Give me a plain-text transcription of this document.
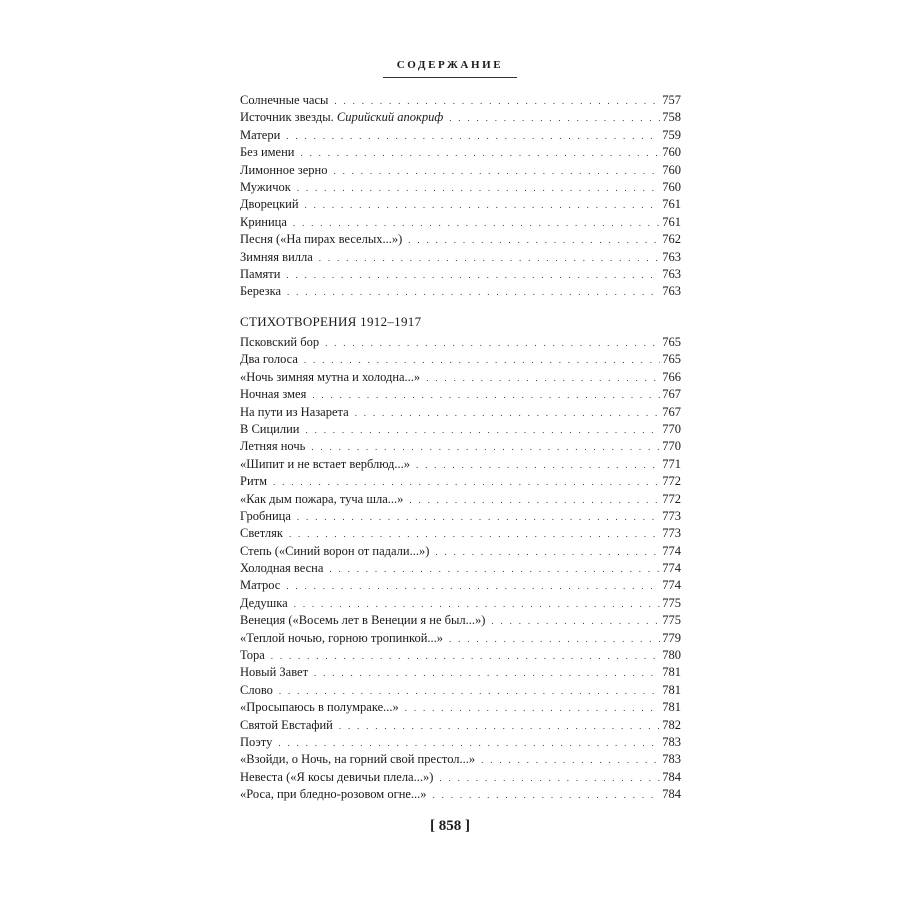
СОДЕРЖАНИЕ
Солнечные часы . . .	757
Источник звезды. Сирийский апокриф . . .	758
Матери . . .	759
Без имени . . .	760
Лимонное зерно . . .	760
Мужичок . . .	760
Дворецкий . . .	761
Криница . . .	761
Песня («На пирах веселых...») . . .	762
Зимняя вилла . . .	763
Памяти . . .	763
Березка . . .	763
СТИХОТВОРЕНИЯ 1912–1917
Псковский бор . . .	765
Два голоса . . .	765
«Ночь зимняя мутна и холодна...» . . .	766
Ночная змея . . .	767
На пути из Назарета . . .	767
В Сицилии . . .	770
Летняя ночь . . .	770
«Шипит и не встает верблюд...» . . .	771
Ритм . . .	772
«Как дым пожара, туча шла...» . . .	772
Гробница . . .	773
Светляк . . .	773
Степь («Синий ворон от падали...») . . .	774
Холодная весна . . .	774
Матрос . . .	774
Дедушка . . .	775
Венеция («Восемь лет в Венеции я не был...») . . .	775
«Теплой ночью, горною тропинкой...» . . .	779
Тора . . .	780
Новый Завет . . .	781
Слово . . .	781
«Просыпаюсь в полумраке...» . . .	781
Святой Евстафий . . .	782
Поэту . . .	783
«Взойди, о Ночь, на горний свой престол...» . . .	783
Невеста («Я косы девичьи плела...») . . .	784
«Роса, при бледно-розовом огне...» . . .	784
[ 858 ]
